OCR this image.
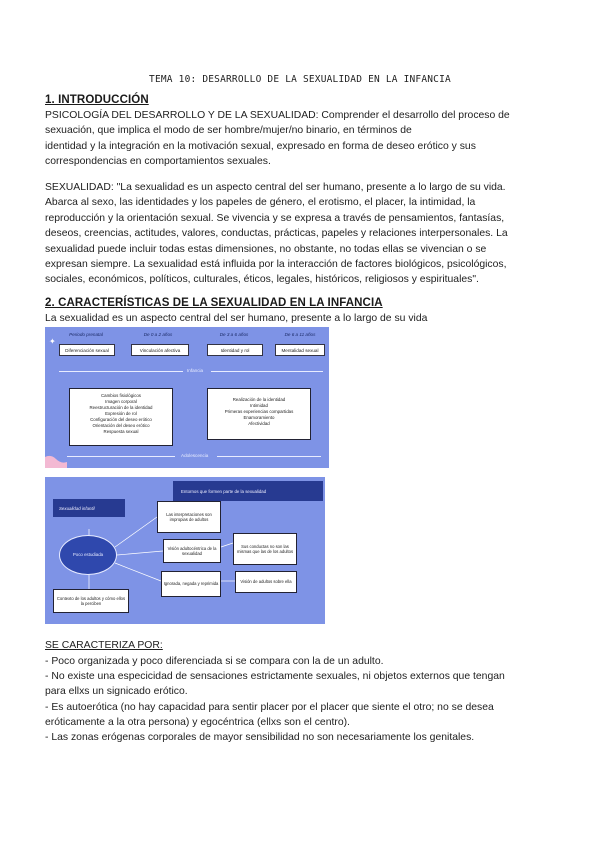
TEMA 10: DESARROLLO DE LA SEXUALIDAD EN LA INFANCIA
1. INTRODUCCIÓN
PSICOLOGÍA DEL DESARROLLO Y DE LA SEXUALIDAD: Comprender el desarrollo del proceso de
sexuación, que implica el modo de ser hombre/mujer/no binario, en términos de
identidad y la integración en la motivación sexual, expresado en forma de deseo erótico y sus
correspondencias en comportamientos sexuales.
SEXUALIDAD: "La sexualidad es un aspecto central del ser humano, presente a lo largo de su vida.
Abarca al sexo, las identidades y los papeles de género, el erotismo, el placer, la intimidad, la
reproducción y la orientación sexual. Se vivencia y se expresa a través de pensamientos, fantasías,
deseos, creencias, actitudes, valores, conductas, prácticas, papeles y relaciones interpersonales. La
sexualidad puede incluir todas estas dimensiones, no obstante, no todas ellas se vivencian o se
expresan siempre. La sexualidad está influida por la interacción de factores biológicos, psicológicos,
sociales, económicos, políticos, culturales, éticos, legales, históricos, religiosos y espirituales".
2. CARACTERÍSTICAS DE LA SEXUALIDAD EN LA INFANCIA
La sexualidad es un aspecto central del ser humano, presente a lo largo de su vida
✦
Periodo prenatal	De 0 a 2 años	De 3 a 6 años	De 6 a 11 años
Diferenciación sexual	Vinculación afectiva	Identidad y rol	Mentalidad sexual
Infancia
Cambios fisiológicos
Imagen corporal
Reestructuración de la identidad
Expresión de rol
Configuración del deseo erótico
Orientación del deseo erótico
Respuesta sexual
Realización de la identidad
Intimidad
Primeras experiencias compartidas
Enamoramiento
Afectividad
Adolescencia
Entornos que formen parte de la sexualidad
Sexualidad infantil
Poco estudiada
Las interpretaciones son impropias de adultos
Visión adultocéntrica de la sexualidad
Ignorada, negada y reprimida
Sus conductas no son las mismas que las de los adultos
Visión de adultos sobre ella
Contexto de los adultos y cómo ellos la perciben
SE CARACTERIZA POR:
- Poco organizada y poco diferenciada si se compara con la de un adulto.
- No existe una especicidad de sensaciones estrictamente sexuales, ni objetos externos que tengan
para ellxs un signicado erótico.
- Es autoerótica (no hay capacidad para sentir placer por el placer que siente el otro; no se desea
eróticamente a la otra persona) y egocéntrica (ellxs son el centro).
- Las zonas erógenas corporales de mayor sensibilidad no son necesariamente los genitales.
